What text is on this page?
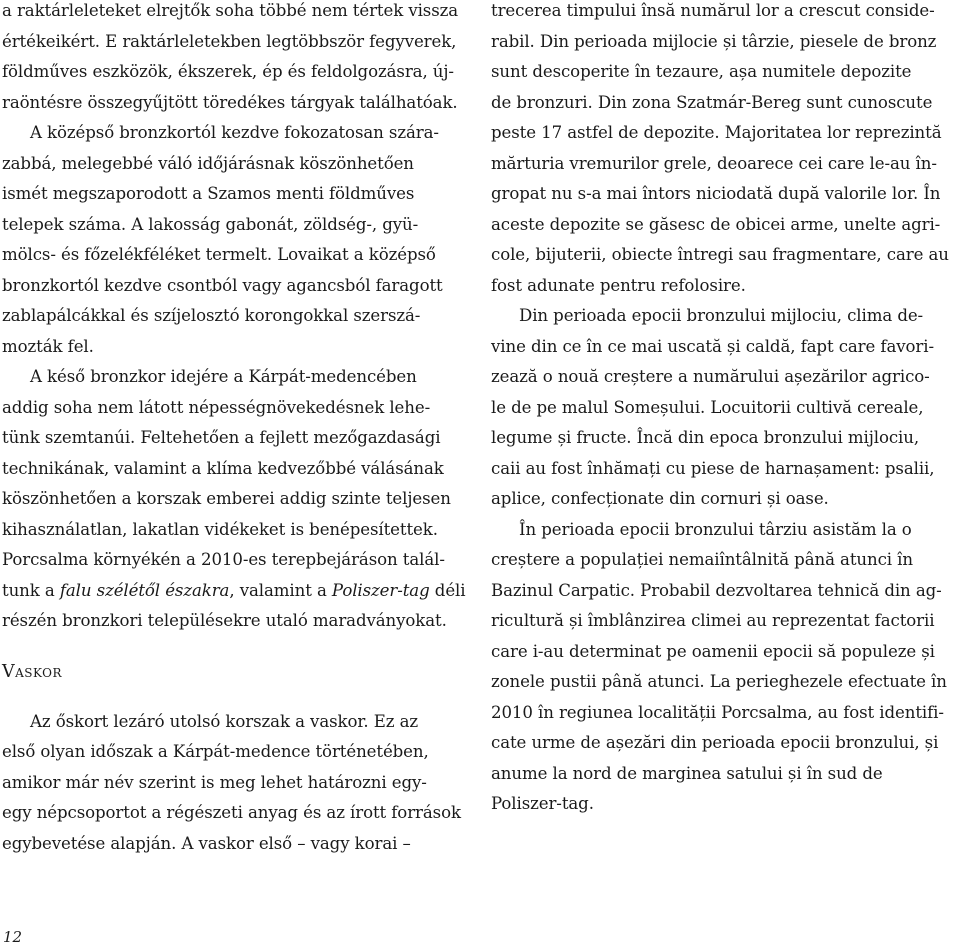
a raktárleleteket elrejtők soha többé nem tértek vissza
értékeikért. E raktárleletekben legtöbbször fegyverek,
földműves eszközök, ékszerek, ép és feldolgozásra, új-
raöntésre összegyűjtött töredékes tárgyak találhatóak.
A középső bronzkortól kezdve fokozatosan szára-
zabbá, melegebbé váló időjárásnak köszönhetően
ismét megszaporodott a Szamos menti földműves
telepek száma. A lakosság gabonát, zöldség-, gyü-
mölcs- és főzelékféléket termelt. Lovaikat a középső
bronzkortól kezdve csontból vagy agancsból faragott
zablapálcákkal és szíjelosztó korongokkal szerszá-
mozták fel.
A késő bronzkor idejére a Kárpát-medencében
addig soha nem látott népességnövekedésnek lehe-
tünk szemtanúi. Feltehetően a fejlett mezőgazdasági
technikának, valamint a klíma kedvezőbbé válásának
köszönhetően a korszak emberei addig szinte teljesen
kihasználatlan, lakatlan vidékeket is benépesítettek.
Porcsalma környékén a 2010-es terepbejáráson talál-
tunk a falu szélétől északra, valamint a Poliszer-tag déli
részén bronzkori településekre utaló maradványokat.
Vaskor
Az őskort lezáró utolsó korszak a vaskor. Ez az
első olyan időszak a Kárpát-medence történetében,
amikor már név szerint is meg lehet határozni egy-
egy népcsoportot a régészeti anyag és az írott források
egybevetése alapján. A vaskor első – vagy korai –
trecerea timpului însă numărul lor a crescut conside-
rabil. Din perioada mijlocie și târzie, piesele de bronz
sunt descoperite în tezaure, așa numitele depozite
de bronzuri. Din zona Szatmár-Bereg sunt cunoscute
peste 17 astfel de depozite. Majoritatea lor reprezintă
mărturia vremurilor grele, deoarece cei care le-au în-
gropat nu s-a mai întors niciodată după valorile lor. În
aceste depozite se găsesc de obicei arme, unelte agri-
cole, bijuterii, obiecte întregi sau fragmentare, care au
fost adunate pentru refolosire.
Din perioada epocii bronzului mijlociu, clima de-
vine din ce în ce mai uscată și caldă, fapt care favori-
zează o nouă creștere a numărului așezărilor agrico-
le de pe malul Someșului. Locuitorii cultivă cereale,
legume și fructe. Încă din epoca bronzului mijlociu,
caii au fost înhămați cu piese de harnașament: psalii,
aplice, confecționate din cornuri și oase.
În perioada epocii bronzului târziu asistăm la o
creștere a populației nemaiîntâlnită până atunci în
Bazinul Carpatic. Probabil dezvoltarea tehnică din ag-
ricultură și îmblânzirea climei au reprezentat factorii
care i-au determinat pe oamenii epocii să populeze și
zonele pustii până atunci. La perieghezele efectuate în
2010 în regiunea localității Porcsalma, au fost identifi-
cate urme de așezări din perioada epocii bronzului, și
anume la nord de marginea satului și în sud de
Poliszer-tag.
12
